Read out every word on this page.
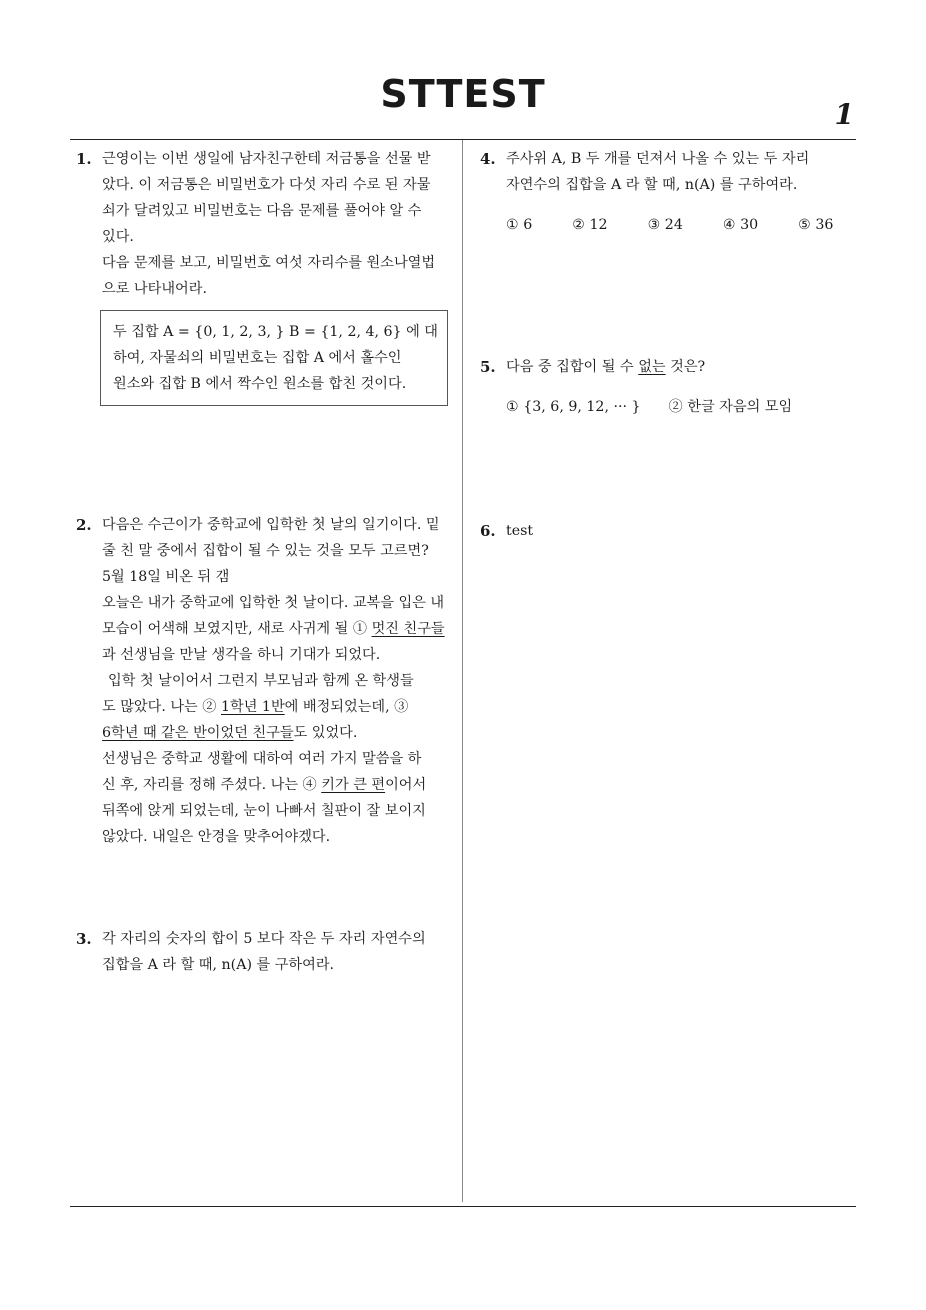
STTEST	1
1. 근영이는 이번 생일에 남자친구한테 저금통을 선물 받
았다. 이 저금통은 비밀번호가 다섯 자리 수로 된 자물
쇠가 달려있고 비밀번호는 다음 문제를 풀어야 알 수
있다.
다음 문제를 보고, 비밀번호 여섯 자리수를 원소나열법
으로 나타내어라.
두 집합 A = {0, 1, 2, 3, } B = {1, 2, 4, 6} 에 대
하여, 자물쇠의 비밀번호는 집합 A 에서 홀수인
원소와 집합 B 에서 짝수인 원소를 합친 것이다.
2. 다음은 수근이가 중학교에 입학한 첫 날의 일기이다. 밑
줄 친 말 중에서 집합이 될 수 있는 것을 모두 고르면?
5월 18일 비온 뒤 갬
오늘은 내가 중학교에 입학한 첫 날이다. 교복을 입은 내
모습이 어색해 보였지만, 새로 사귀게 될 ① 멋진 친구들
과 선생님을 만날 생각을 하니 기대가 되었다.
입학 첫 날이어서 그런지 부모님과 함께 온 학생들
도 많았다. 나는 ② 1학년 1반에 배정되었는데, ③
6학년 때 같은 반이었던 친구들도 있었다.
선생님은 중학교 생활에 대하여 여러 가지 말씀을 하
신 후, 자리를 정해 주셨다. 나는 ④ 키가 큰 편이어서
뒤쪽에 앉게 되었는데, 눈이 나빠서 칠판이 잘 보이지
않았다. 내일은 안경을 맞추어야겠다.
3. 각 자리의 숫자의 합이 5 보다 작은 두 자리 자연수의
집합을 A 라 할 때, n(A) 를 구하여라.
4. 주사위 A, B 두 개를 던져서 나올 수 있는 두 자리
자연수의 집합을 A 라 할 때, n(A) 를 구하여라.
① 6	② 12	③ 24	④ 30	⑤ 36
5. 다음 중 집합이 될 수 없는 것은?
① {3, 6, 9, 12, ··· } ② 한글 자음의 모임
6. test
